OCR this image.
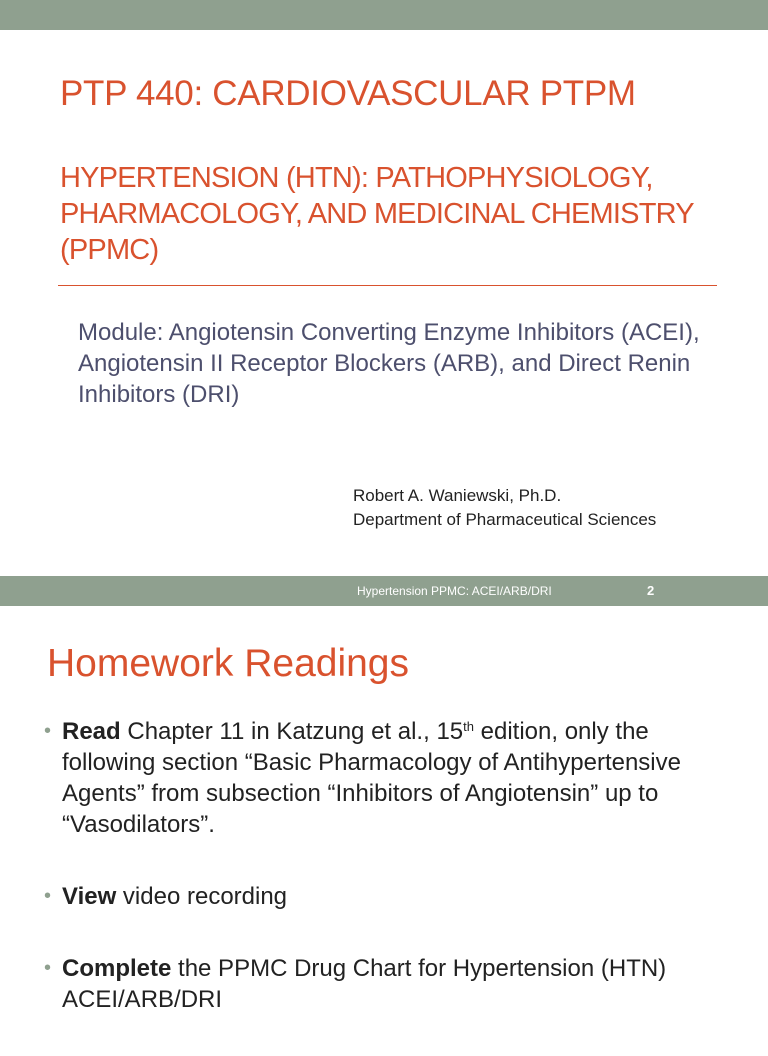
PTP 440: CARDIOVASCULAR PTPM
HYPERTENSION (HTN): PATHOPHYSIOLOGY, PHARMACOLOGY, AND MEDICINAL CHEMISTRY (PPMC)

Module: Angiotensin Converting Enzyme Inhibitors (ACEI), Angiotensin II Receptor Blockers (ARB), and Direct Renin Inhibitors (DRI)

Robert A. Waniewski, Ph.D.
Department of Pharmaceutical Sciences
Hypertension PPMC: ACEI/ARB/DRI	2
Homework Readings
• Read Chapter 11 in Katzung et al., 15th edition, only the following section “Basic Pharmacology of Antihypertensive Agents” from subsection “Inhibitors of Angiotensin” up to “Vasodilators”.
• View video recording
• Complete the PPMC Drug Chart for Hypertension (HTN) ACEI/ARB/DRI
